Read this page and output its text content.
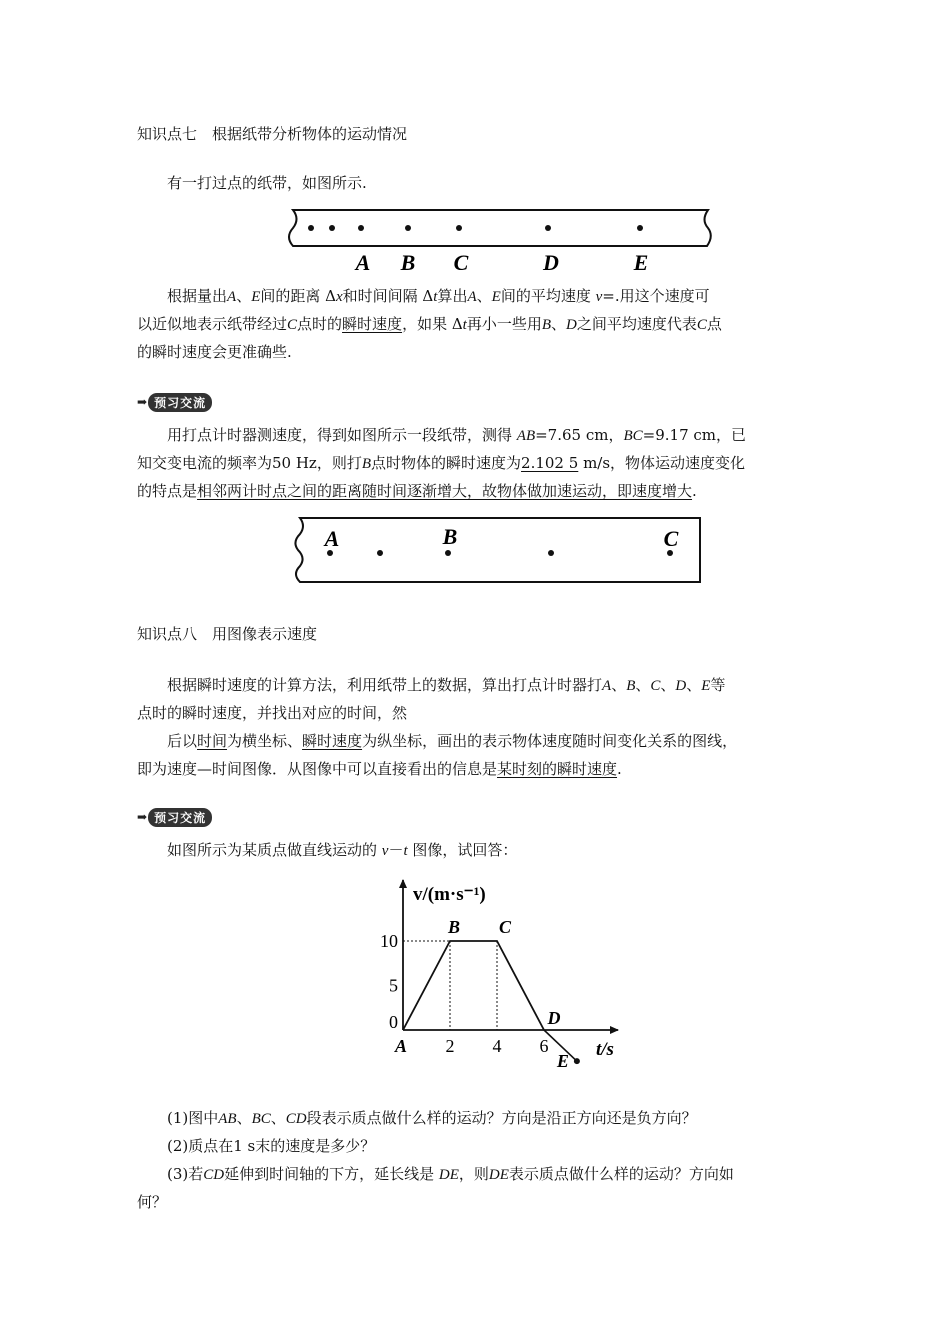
知识点七　根据纸带分析物体的运动情况
有一打过点的纸带，如图所示.
A B C	D	E
根据量出A、E间的距离 Δx和时间间隔 Δt算出A、E间的平均速度 v=.用这个速度可
以近似地表示纸带经过C点时的瞬时速度，如果 Δt再小一些用B、D之间平均速度代表C点
的瞬时速度会更准确些.
➡ 预习交流
用打点计时器测速度，得到如图所示一段纸带，测得 AB=7.65 cm，BC=9.17 cm，已
知交变电流的频率为50 Hz，则打B点时物体的瞬时速度为2.102 5 m/s，物体运动速度变化
的特点是相邻两计时点之间的距离随时间逐渐增大，故物体做加速运动，即速度增大.
A	B	C
知识点八　用图像表示速度
根据瞬时速度的计算方法，利用纸带上的数据，算出打点计时器打A、B、C、D、E等
点时的瞬时速度，并找出对应的时间，然
后以时间为横坐标、瞬时速度为纵坐标，画出的表示物体速度随时间变化关系的图线，
即为速度—时间图像．从图像中可以直接看出的信息是某时刻的瞬时速度.
➡ 预习交流
如图所示为某质点做直线运动的 v－t 图像，试回答：
v/(m·s⁻¹)
t/s
2 4 6
0
5
10
A
B C
D
E
(1)图中AB、BC、CD段表示质点做什么样的运动？方向是沿正方向还是负方向？
(2)质点在1 s末的速度是多少？
(3)若CD延伸到时间轴的下方，延长线是 DE，则DE表示质点做什么样的运动？方向如
何？
